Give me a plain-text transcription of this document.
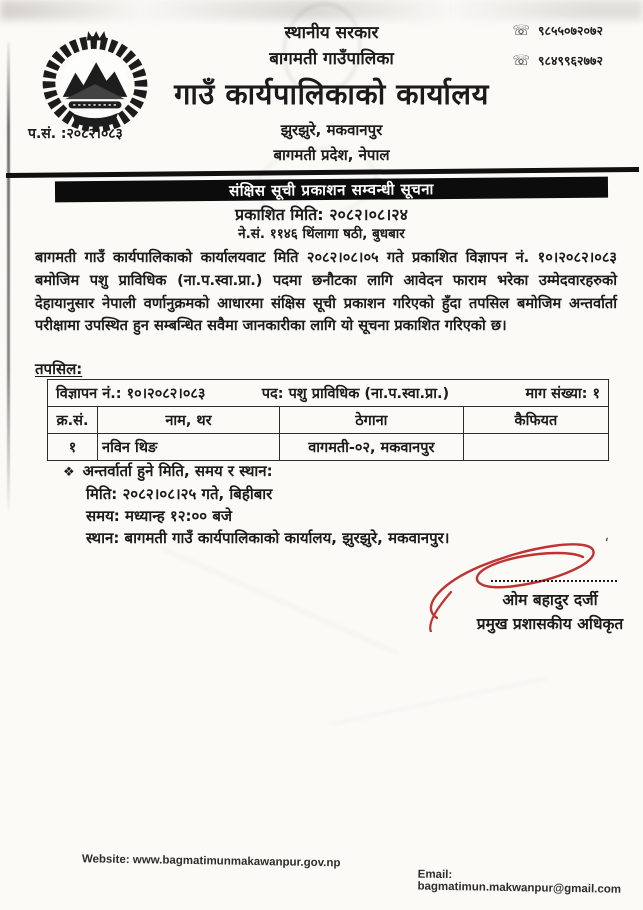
स्थानीय सरकार
बागमती गाउँपालिका
गाउँ कार्यपालिकाको कार्यालय
झुरझुरे, मकवानपुर
बागमती प्रदेश, नेपाल
प.सं. :२०८२।०८३
☏ ९८५५०७२०७२
☏ ९८४९९६२७७२
संक्षिस सूची प्रकाशन सम्वन्धी सूचना
प्रकाशित मिति: २०८२।०८।२४
ने.सं. ११४६ थिंलागा षठी, बुधबार
बागमती गाउँ कार्यपालिकाको कार्यालयवाट मिति २०८२।०८।०५ गते प्रकाशित विज्ञापन नं. १०।२०८२।०८३ बमोजिम पशु प्राविधिक (ना.प.स्वा.प्रा.) पदमा छनौटका लागि आवेदन फाराम भरेका उम्मेदवारहरुको देहायानुसार नेपाली वर्णानुक्रमको आधारमा संक्षिस सूची प्रकाशन गरिएको हुँदा तपसिल बमोजिम अन्तर्वार्ता परीक्षामा उपस्थित हुन सम्बन्धित सवैमा जानकारीका लागि यो सूचना प्रकाशित गरिएको छ।
तपसिल:
विज्ञापन नं.: १०।२०८२।०८३ पद: पशु प्राविधिक (ना.प.स्वा.प्रा.) माग संख्या: १			

क्र.सं.	नाम, थर	ठेगाना	कैफियत
१	नविन थिङ	वागमती-०२, मकवानपुर	
❖ अन्तर्वार्ता हुने मिति, समय र स्थान:
मिति: २०८२।०८।२५ गते, बिहीबार
समय: मध्यान्ह १२:०० बजे
स्थान: बागमती गाउँ कार्यपालिकाको कार्यालय, झुरझुरे, मकवानपुर।	'
ओम बहादुर दर्जी
प्रमुख प्रशासकीय अधिकृत
Website: www.bagmatimunmakawanpur.gov.np
Email: bagmatimun.makwanpur@gmail.com
